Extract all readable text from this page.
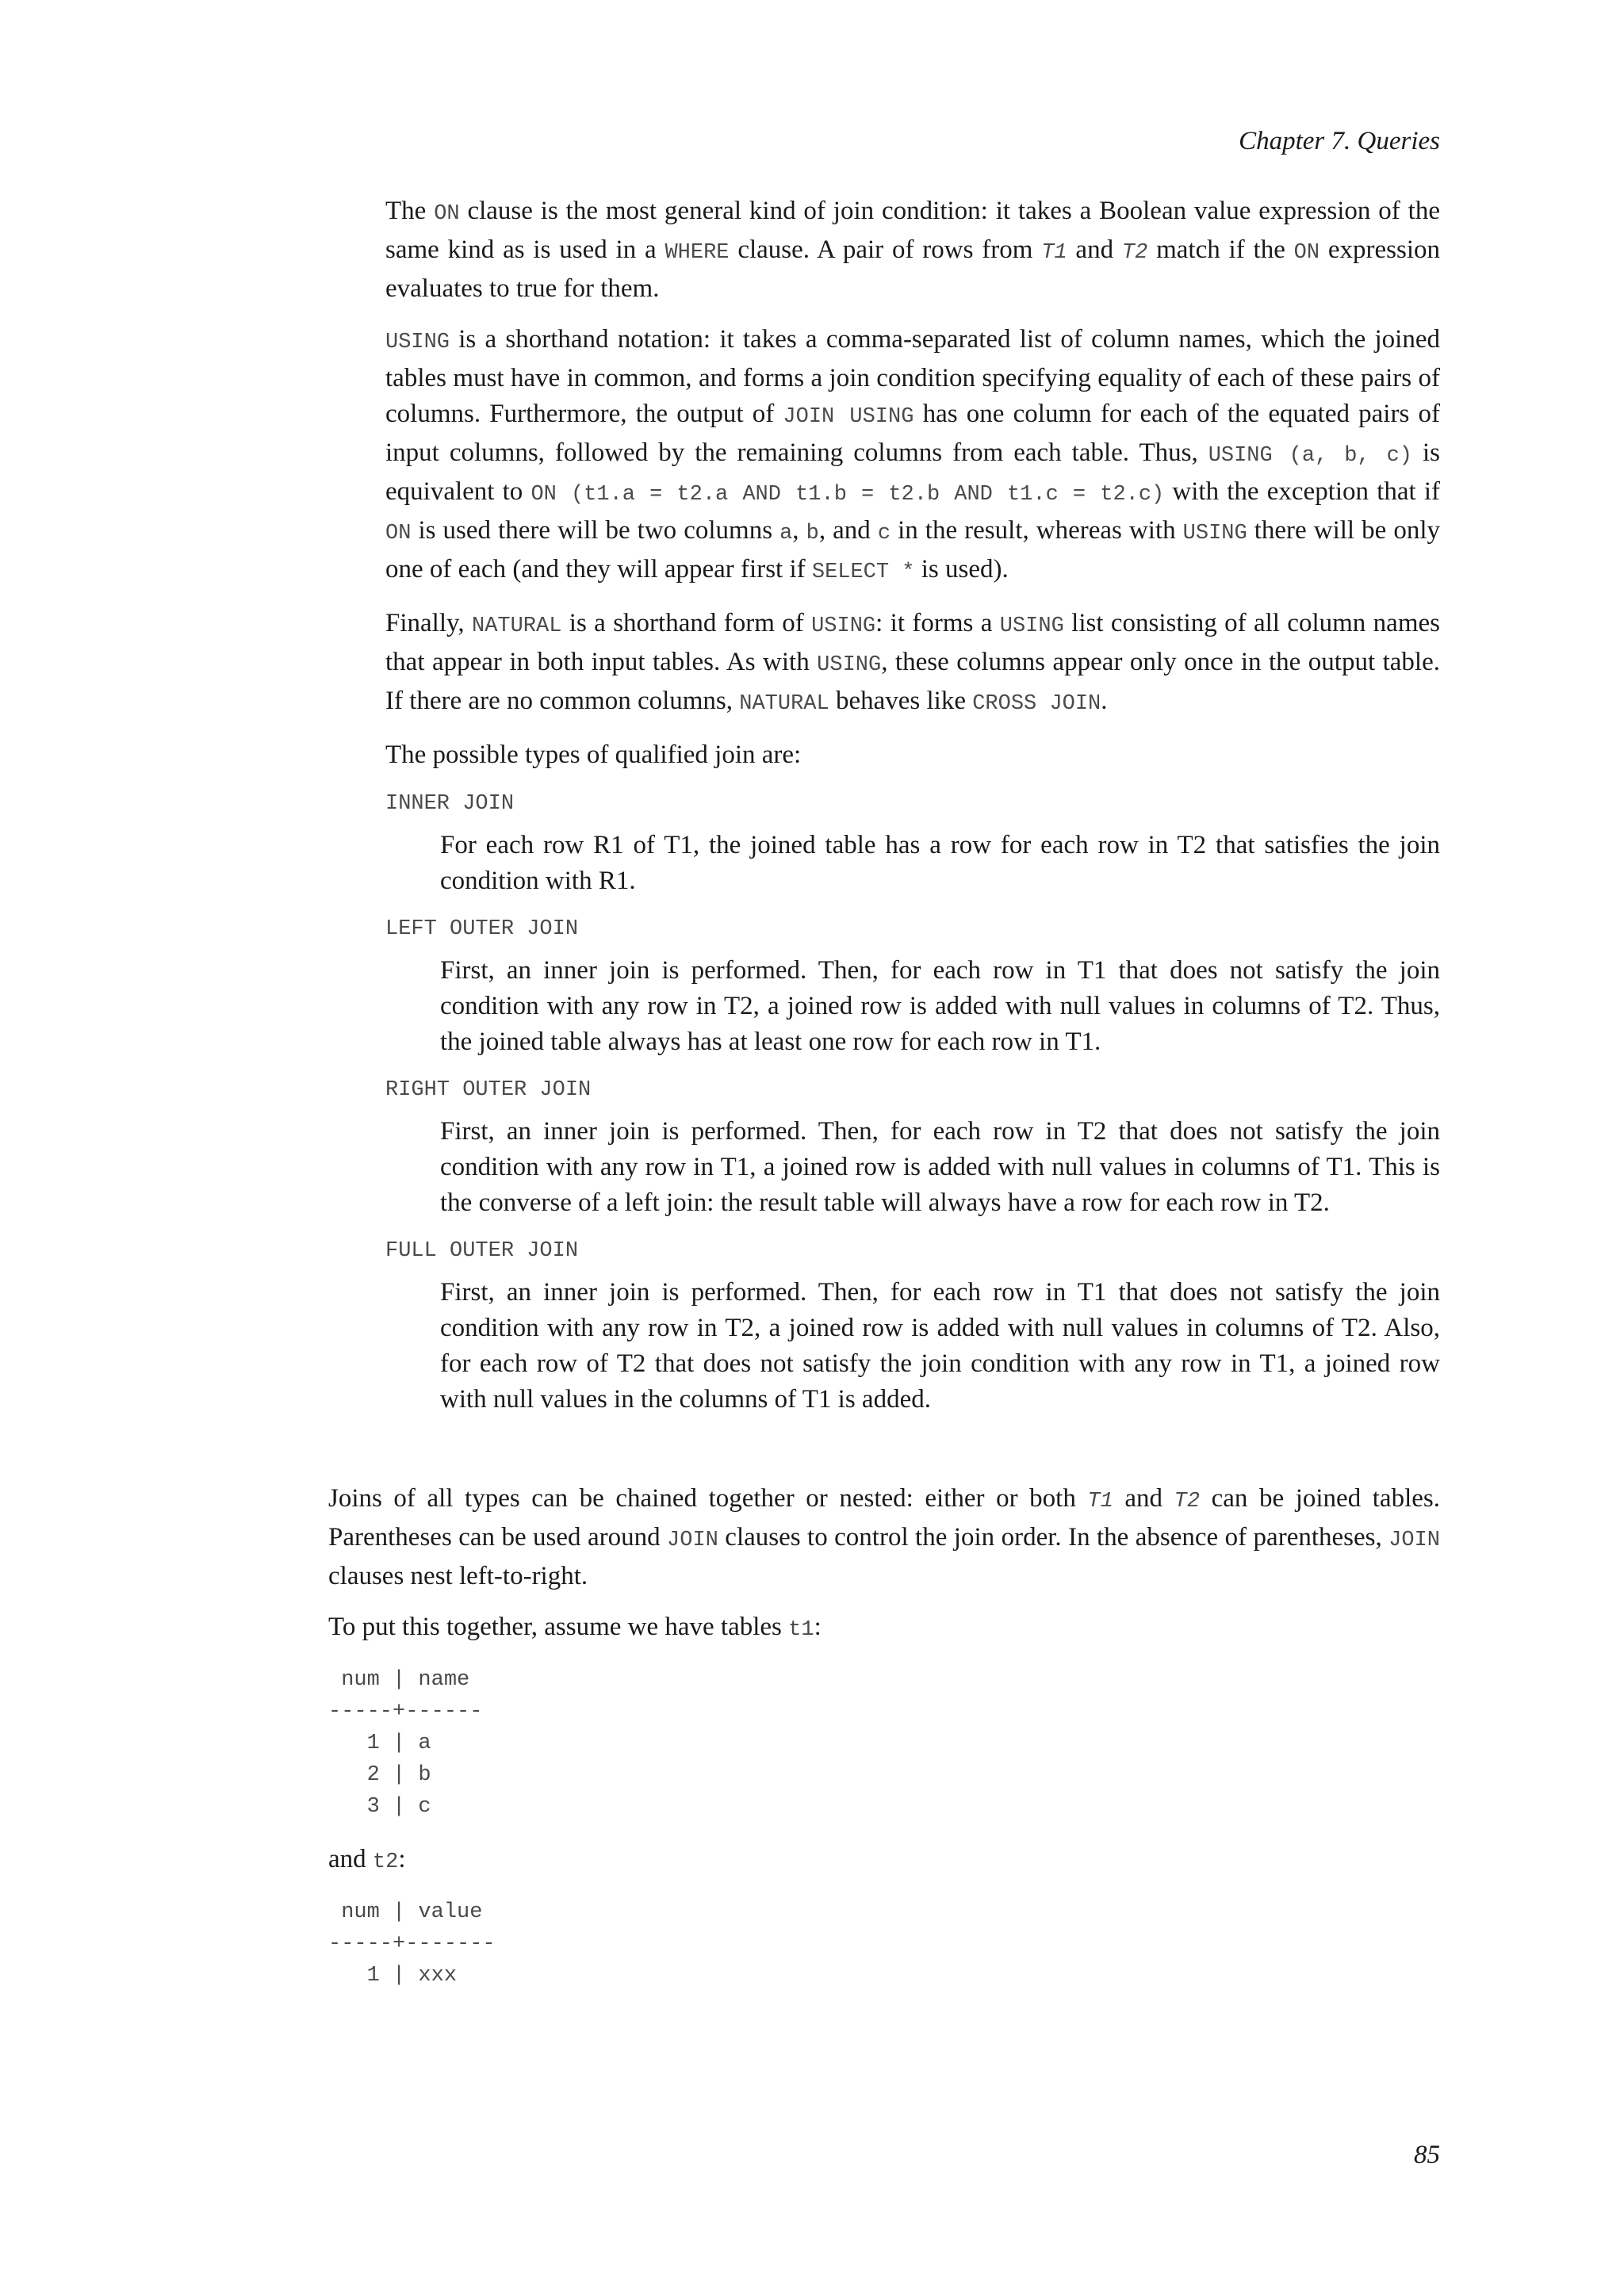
Chapter 7. Queries

The ON clause is the most general kind of join condition: it takes a Boolean value expression of the same kind as is used in a WHERE clause. A pair of rows from T1 and T2 match if the ON expression evaluates to true for them.

USING is a shorthand notation: it takes a comma-separated list of column names, which the joined tables must have in common, and forms a join condition specifying equality of each of these pairs of columns. Furthermore, the output of JOIN USING has one column for each of the equated pairs of input columns, followed by the remaining columns from each table. Thus, USING (a, b, c) is equivalent to ON (t1.a = t2.a AND t1.b = t2.b AND t1.c = t2.c) with the exception that if ON is used there will be two columns a, b, and c in the result, whereas with USING there will be only one of each (and they will appear first if SELECT * is used).

Finally, NATURAL is a shorthand form of USING: it forms a USING list consisting of all column names that appear in both input tables. As with USING, these columns appear only once in the output table. If there are no common columns, NATURAL behaves like CROSS JOIN.

The possible types of qualified join are:

INNER JOIN
For each row R1 of T1, the joined table has a row for each row in T2 that satisfies the join condition with R1.
LEFT OUTER JOIN
First, an inner join is performed. Then, for each row in T1 that does not satisfy the join condition with any row in T2, a joined row is added with null values in columns of T2. Thus, the joined table always has at least one row for each row in T1.
RIGHT OUTER JOIN
First, an inner join is performed. Then, for each row in T2 that does not satisfy the join condition with any row in T1, a joined row is added with null values in columns of T1. This is the converse of a left join: the result table will always have a row for each row in T2.
FULL OUTER JOIN
First, an inner join is performed. Then, for each row in T1 that does not satisfy the join condition with any row in T2, a joined row is added with null values in columns of T2. Also, for each row of T2 that does not satisfy the join condition with any row in T1, a joined row with null values in the columns of T1 is added.

Joins of all types can be chained together or nested: either or both T1 and T2 can be joined tables. Parentheses can be used around JOIN clauses to control the join order. In the absence of parentheses, JOIN clauses nest left-to-right.

To put this together, assume we have tables t1:

num | name
-----+------
1 | a
2 | b
3 | c

and t2:

num | value
-----+-------
1 | xxx
85
